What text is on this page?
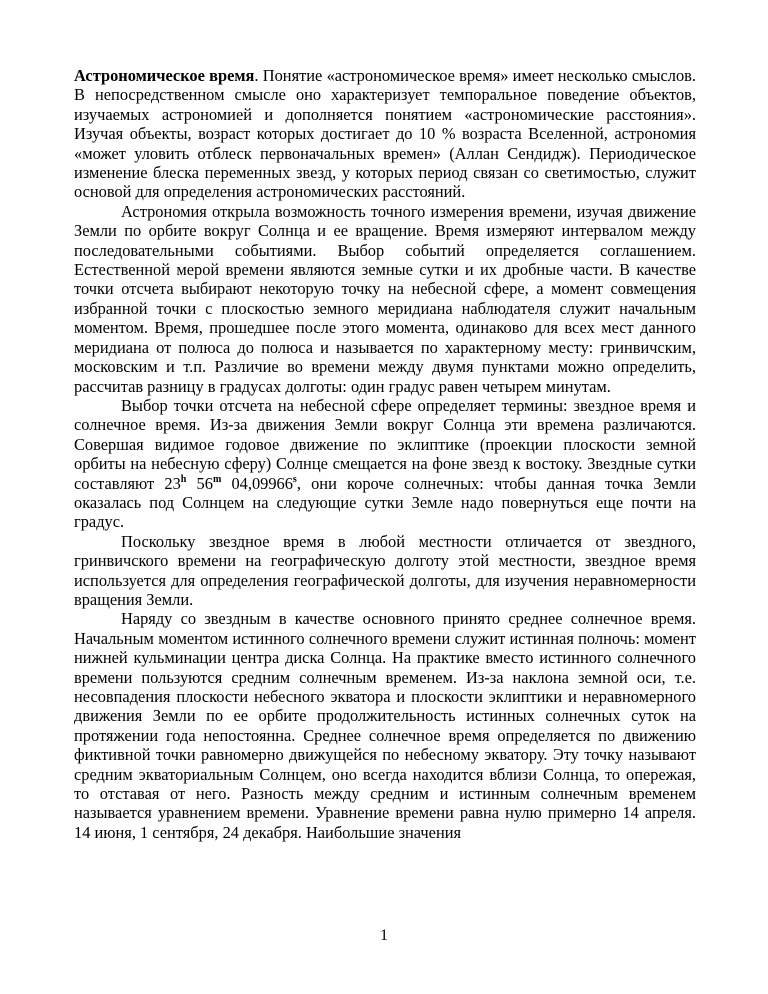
Астрономическое время. Понятие «астрономическое время» имеет несколько смыслов. В непосредственном смысле оно характеризует темпоральное поведение объектов, изучаемых астрономией и дополняется понятием «астрономические расстояния». Изучая объекты, возраст которых достигает до 10 % возраста Вселенной, астрономия «может уловить отблеск первоначальных времен» (Аллан Сендидж). Периодическое изменение блеска переменных звезд, у которых период связан со светимостью, служит основой для определения астрономических расстояний.

Астрономия открыла возможность точного измерения времени, изучая движение Земли по орбите вокруг Солнца и ее вращение. Время измеряют интервалом между последовательными событиями. Выбор событий определяется соглашением. Естественной мерой времени являются земные сутки и их дробные части. В качестве точки отсчета выбирают некоторую точку на небесной сфере, а момент совмещения избранной точки с плоскостью земного меридиана наблюдателя служит начальным моментом. Время, прошедшее после этого момента, одинаково для всех мест данного меридиана от полюса до полюса и называется по характерному месту: гринвичским, московским и т.п. Различие во времени между двумя пунктами можно определить, рассчитав разницу в градусах долготы: один градус равен четырем минутам.

Выбор точки отсчета на небесной сфере определяет термины: звездное время и солнечное время. Из-за движения Земли вокруг Солнца эти времена различаются. Совершая видимое годовое движение по эклиптике (проекции плоскости земной орбиты на небесную сферу) Солнце смещается на фоне звезд к востоку. Звездные сутки составляют 23$^h$ 56$^m$ 04,09966$^s$, они короче солнечных: чтобы данная точка Земли оказалась под Солнцем на следующие сутки Земле надо повернуться еще почти на градус.

Поскольку звездное время в любой местности отличается от звездного, гринвичского времени на географическую долготу этой местности, звездное время используется для определения географической долготы, для изучения неравномерности вращения Земли.

Наряду со звездным в качестве основного принято среднее солнечное время. Начальным моментом истинного солнечного времени служит истинная полночь: момент нижней кульминации центра диска Солнца. На практике вместо истинного солнечного времени пользуются средним солнечным временем. Из-за наклона земной оси, т.е. несовпадения плоскости небесного экватора и плоскости эклиптики и неравномерного движения Земли по ее орбите продолжительность истинных солнечных суток на протяжении года непостоянна. Среднее солнечное время определяется по движению фиктивной точки равномерно движущейся по небесному экватору. Эту точку называют средним экваториальным Солнцем, оно всегда находится вблизи Солнца, то опережая, то отставая от него. Разность между средним и истинным солнечным временем называется уравнением времени. Уравнение времени равна нулю примерно 14 апреля. 14 июня, 1 сентября, 24 декабря. Наибольшие значения

1
